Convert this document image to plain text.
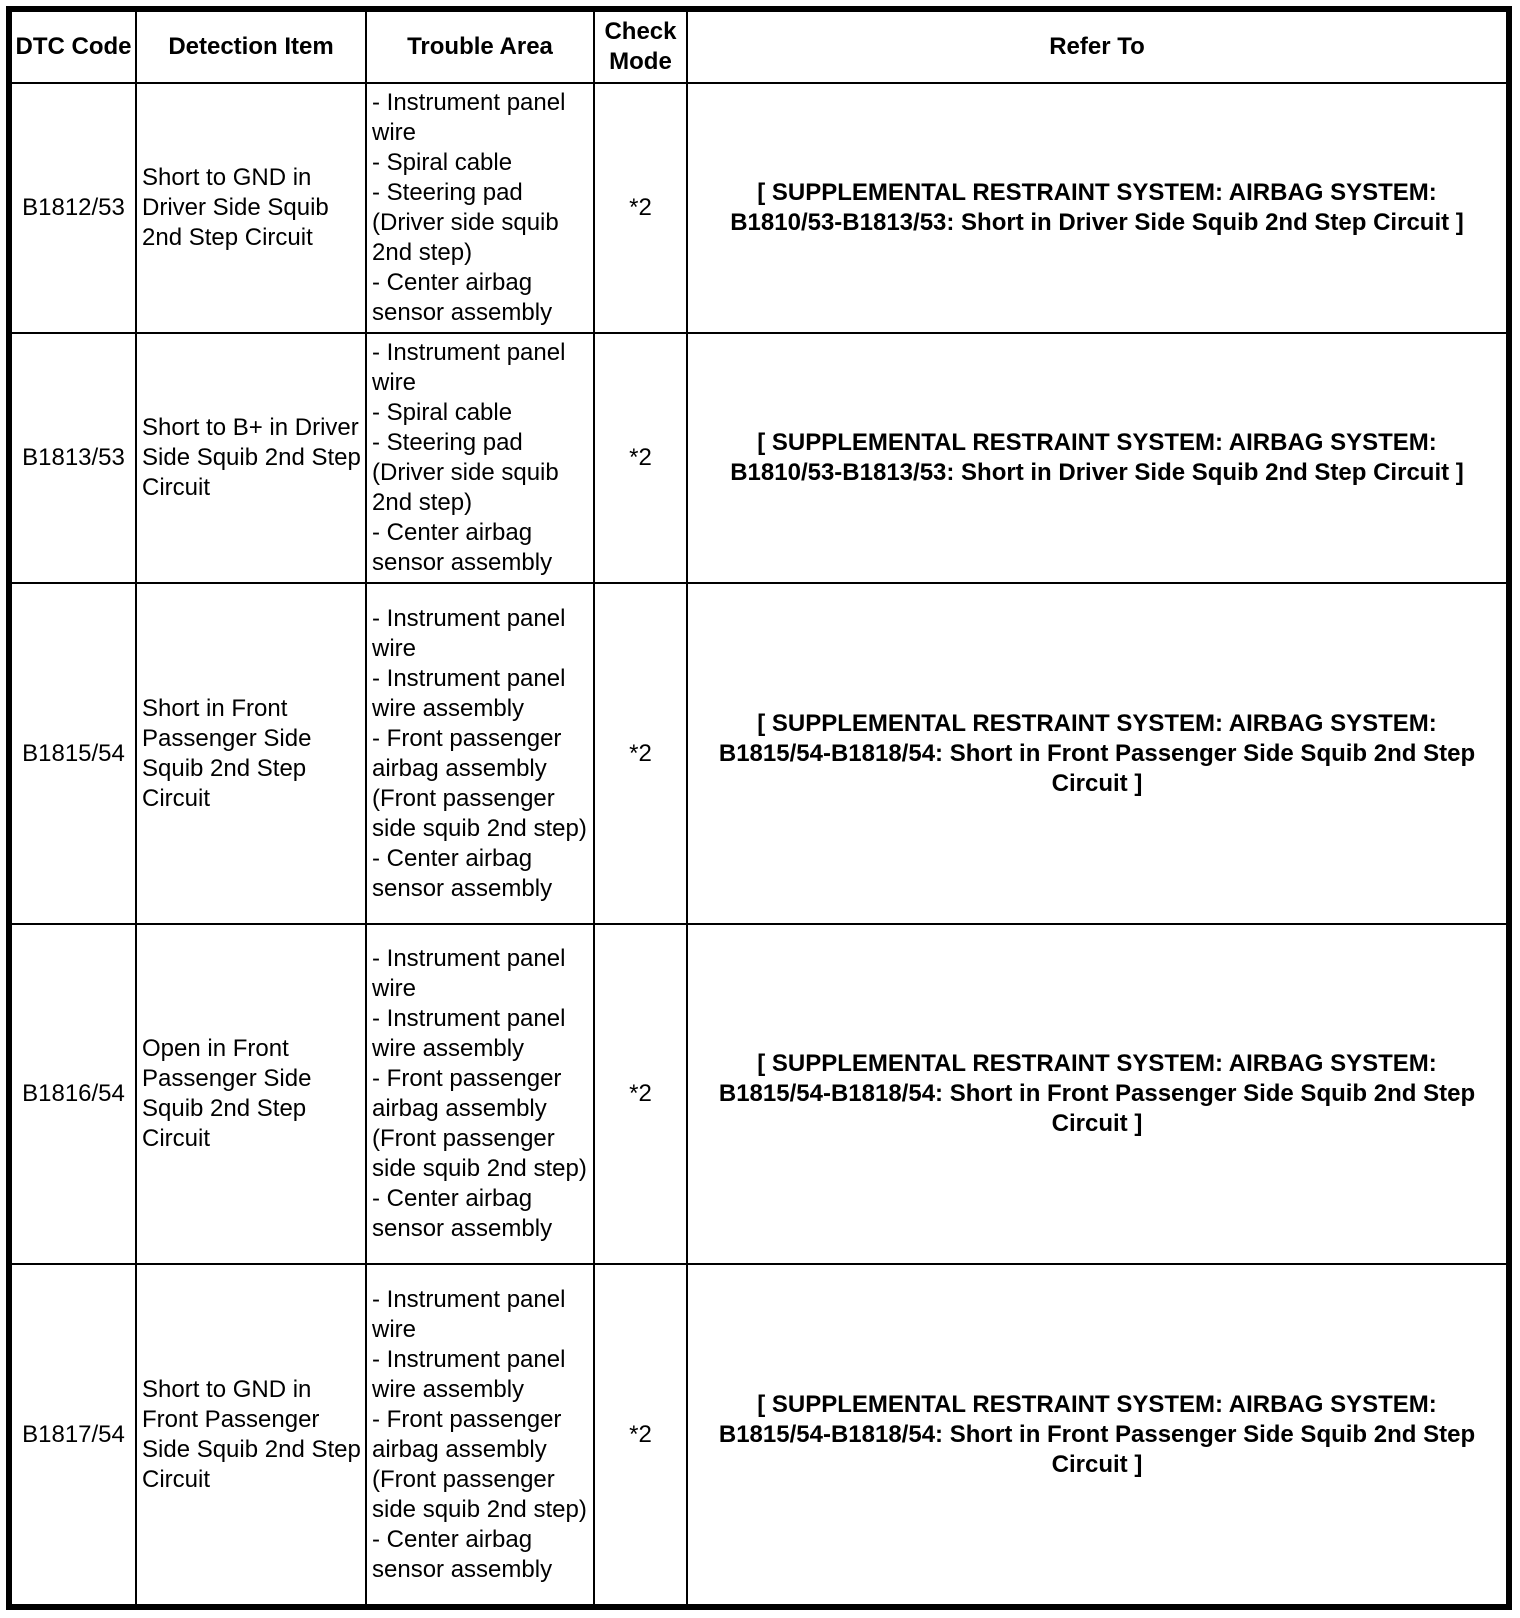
DTC Code	Detection Item	Trouble Area	Check Mode	Refer To
B1812/53	Short to GND in Driver Side Squib 2nd Step Circuit	- Instrument panel wire
- Spiral cable
- Steering pad (Driver side squib 2nd step)
- Center airbag sensor assembly	*2	[ SUPPLEMENTAL RESTRAINT SYSTEM: AIRBAG SYSTEM: B1810/53-B1813/53: Short in Driver Side Squib 2nd Step Circuit ]
B1813/53	Short to B+ in Driver Side Squib 2nd Step Circuit	- Instrument panel wire
- Spiral cable
- Steering pad (Driver side squib 2nd step)
- Center airbag sensor assembly	*2	[ SUPPLEMENTAL RESTRAINT SYSTEM: AIRBAG SYSTEM: B1810/53-B1813/53: Short in Driver Side Squib 2nd Step Circuit ]
B1815/54	Short in Front Passenger Side Squib 2nd Step Circuit	- Instrument panel wire
- Instrument panel wire assembly
- Front passenger airbag assembly (Front passenger side squib 2nd step)
- Center airbag sensor assembly	*2	[ SUPPLEMENTAL RESTRAINT SYSTEM: AIRBAG SYSTEM: B1815/54-B1818/54: Short in Front Passenger Side Squib 2nd Step Circuit ]
B1816/54	Open in Front Passenger Side Squib 2nd Step Circuit	- Instrument panel wire
- Instrument panel wire assembly
- Front passenger airbag assembly (Front passenger side squib 2nd step)
- Center airbag sensor assembly	*2	[ SUPPLEMENTAL RESTRAINT SYSTEM: AIRBAG SYSTEM: B1815/54-B1818/54: Short in Front Passenger Side Squib 2nd Step Circuit ]
B1817/54	Short to GND in Front Passenger Side Squib 2nd Step Circuit	- Instrument panel wire
- Instrument panel wire assembly
- Front passenger airbag assembly (Front passenger side squib 2nd step)
- Center airbag sensor assembly	*2	[ SUPPLEMENTAL RESTRAINT SYSTEM: AIRBAG SYSTEM: B1815/54-B1818/54: Short in Front Passenger Side Squib 2nd Step Circuit ]
